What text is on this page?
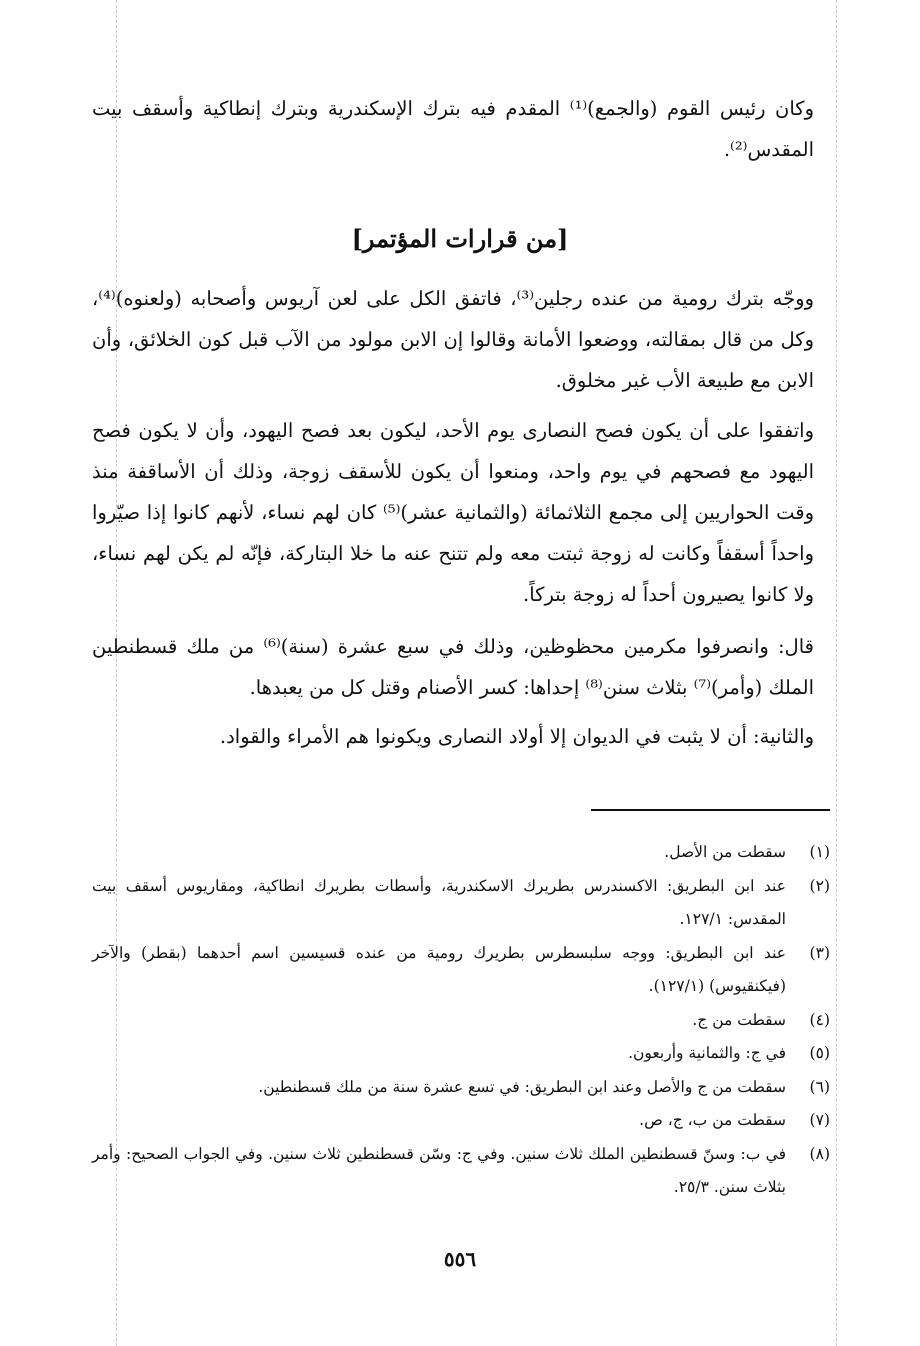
وكان رئيس القوم (والجمع)⁽¹⁾ المقدم فيه بترك الإسكندرية وبترك إنطاكية وأسقف بيت المقدس⁽²⁾.

[من قرارات المؤتمر]

ووجّه بترك رومية من عنده رجلين⁽³⁾، فاتفق الكل على لعن آريوس وأصحابه (ولعنوه)⁽⁴⁾، وكل من قال بمقالته، ووضعوا الأمانة وقالوا إن الابن مولود من الآب قبل كون الخلائق، وأن الابن مع طبيعة الأب غير مخلوق.

واتفقوا على أن يكون فصح النصارى يوم الأحد، ليكون بعد فصح اليهود، وأن لا يكون فصح اليهود مع فصحهم في يوم واحد، ومنعوا أن يكون للأسقف زوجة، وذلك أن الأساقفة منذ وقت الحواريين إلى مجمع الثلاثمائة (والثمانية عشر)⁽⁵⁾ كان لهم نساء، لأنهم كانوا إذا صيّروا واحداً أسقفاً وكانت له زوجة ثبتت معه ولم تتنح عنه ما خلا البتاركة، فإنّه لم يكن لهم نساء، ولا كانوا يصيرون أحداً له زوجة بتركاً.

قال: وانصرفوا مكرمين محظوظين، وذلك في سبع عشرة (سنة)⁽⁶⁾ من ملك قسطنطين الملك (وأمر)⁽⁷⁾ بثلاث سنن⁽⁸⁾ إحداها: كسر الأصنام وقتل كل من يعبدها.

والثانية: أن لا يثبت في الديوان إلا أولاد النصارى ويكونوا هم الأمراء والقواد.

(١)
سقطت من الأصل.
(٢)
عند ابن البطريق: الاكسندرس بطريرك الاسكندرية، وأسطات بطريرك انطاكية، ومقاريوس أسقف بيت المقدس: ١٢٧/١.
(٣)
عند ابن البطريق: ووجه سلبسطرس بطريرك رومية من عنده قسيسين اسم أحدهما (بقطر) والآخر (فيكنقيوس) (١٢٧/١).
(٤)
سقطت من ج.
(٥)
في ج: والثمانية وأربعون.
(٦)
سقطت من ج والأصل وعند ابن البطريق: في تسع عشرة سنة من ملك قسطنطين.
(٧)
سقطت من ب، ج، ص.
(٨)
في ب: وسنّ قسطنطين الملك ثلاث سنين. وفي ج: وسّن قسطنطين ثلاث سنين. وفي الجواب الصحيح: وأمر بثلاث سنن. ٢٥/٣.
٥٥٦
